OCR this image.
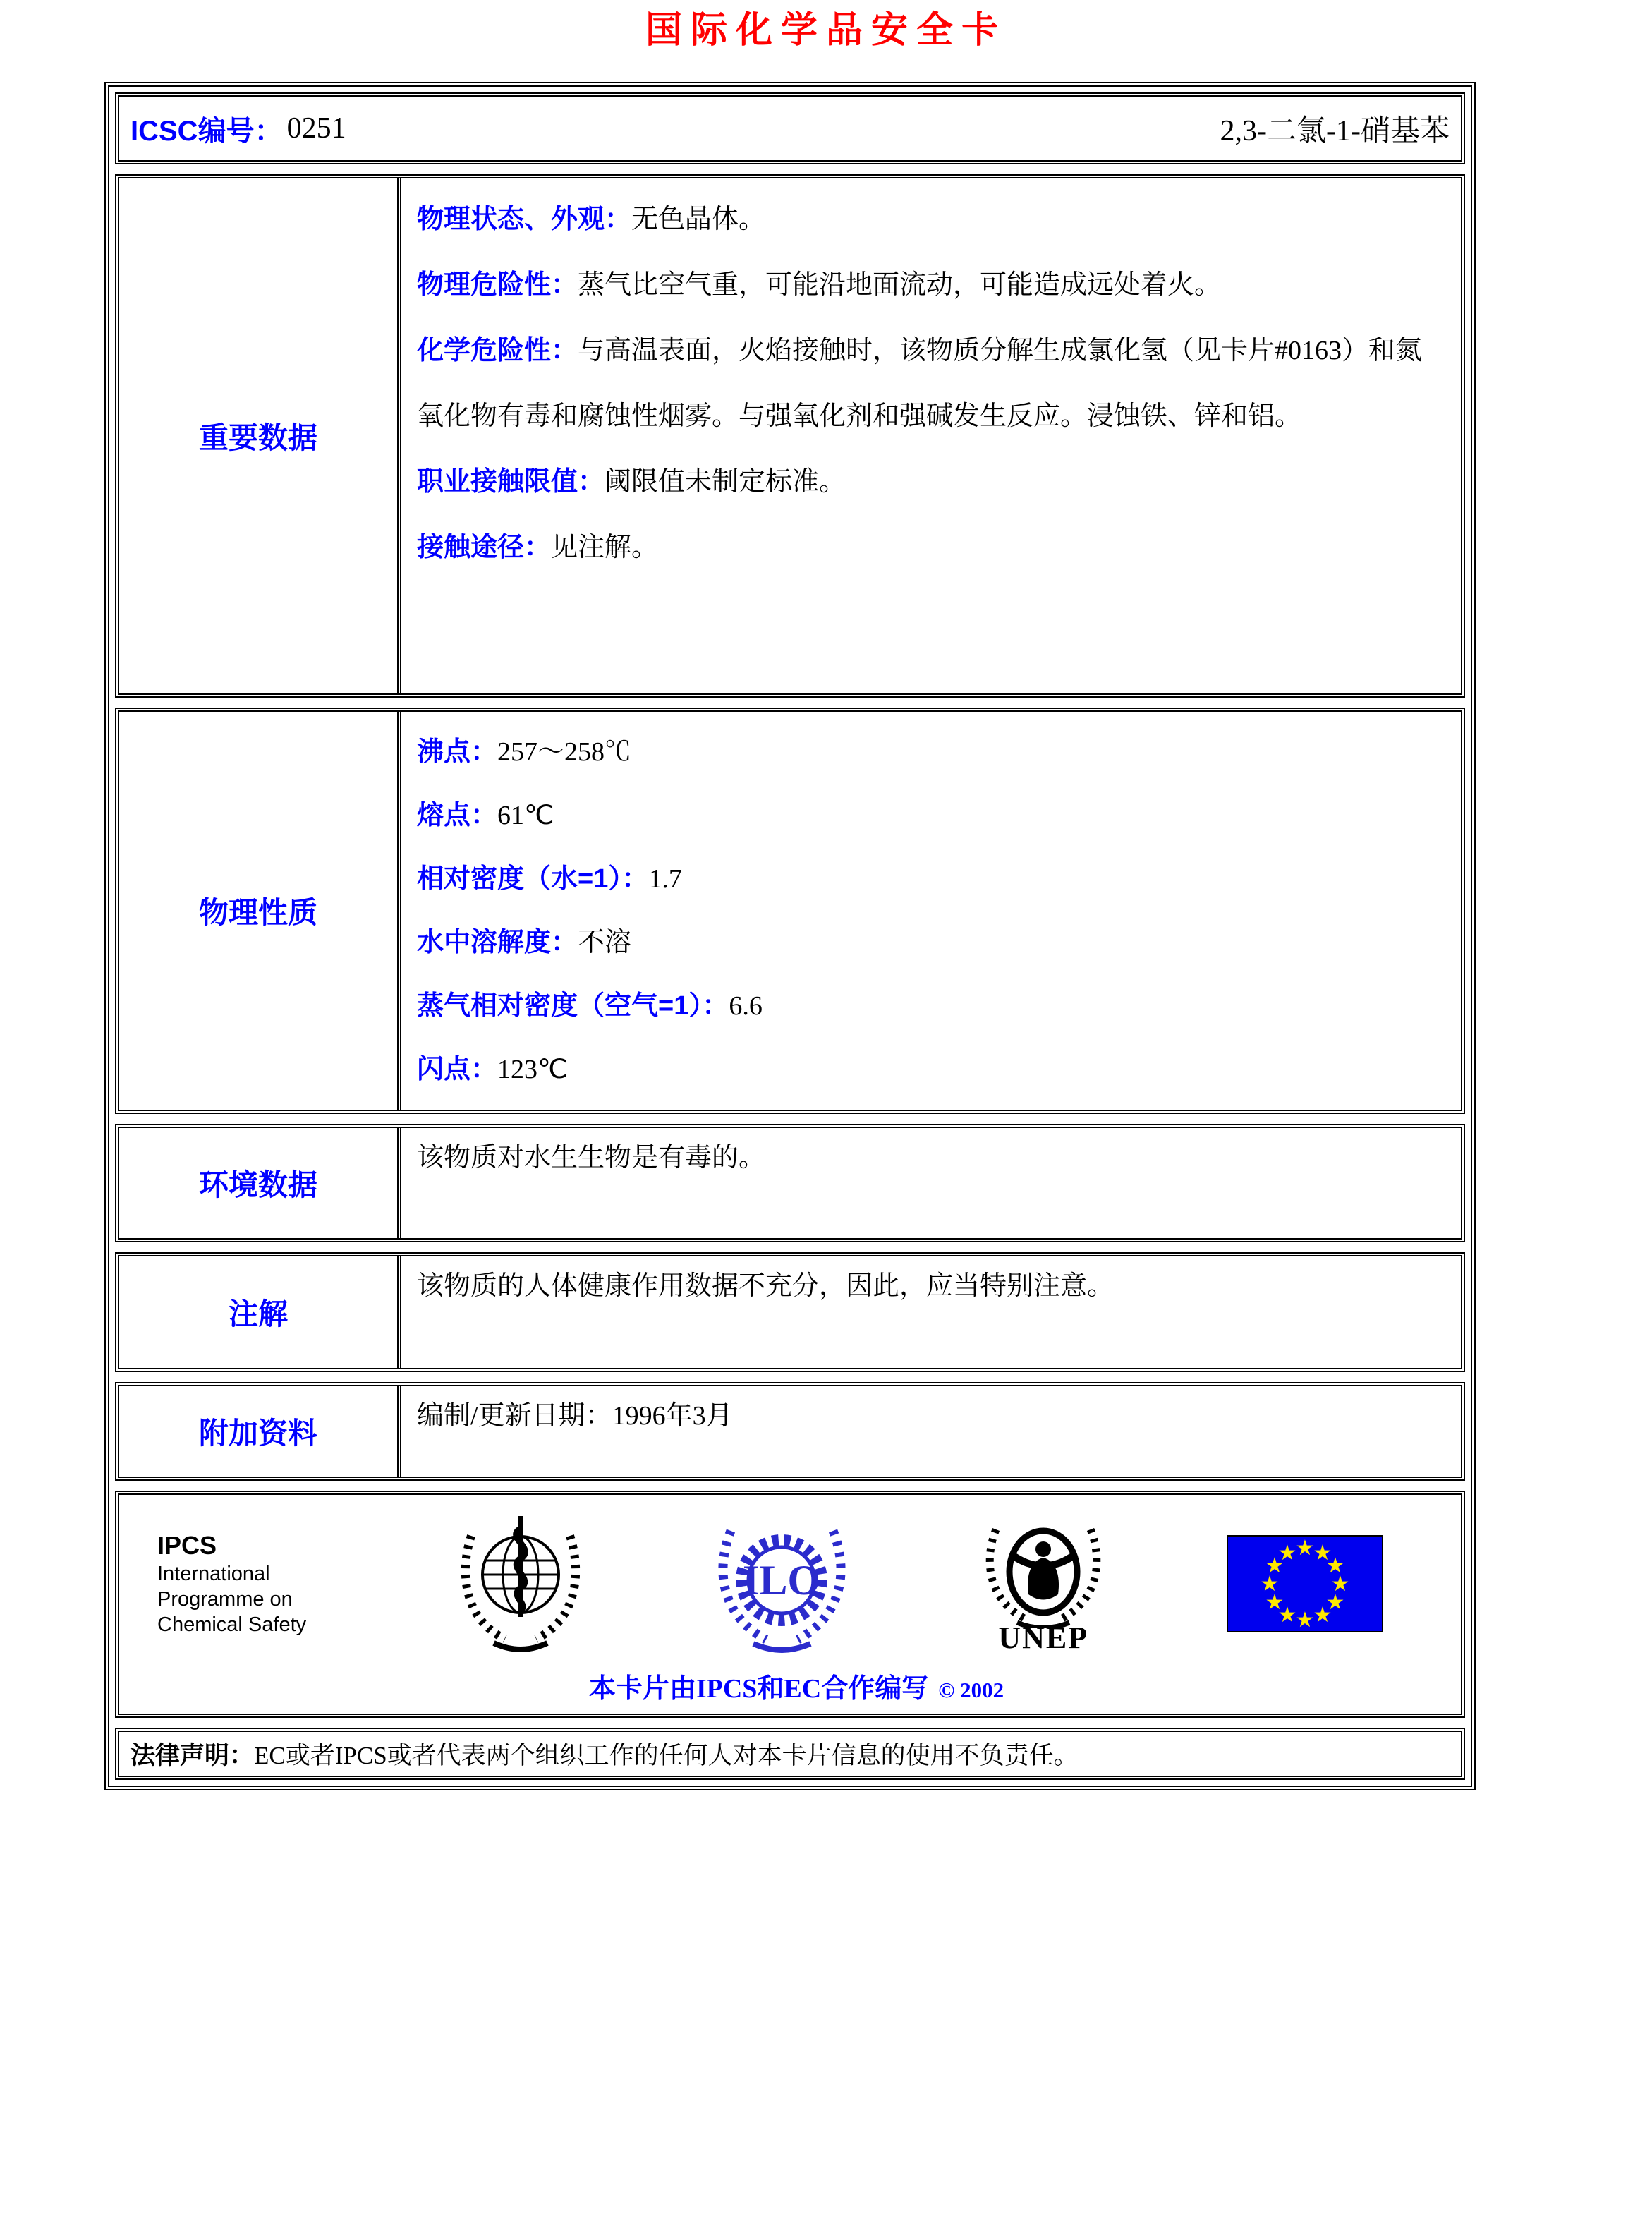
国际化学品安全卡
ICSC编号： 0251	2,3-二氯-1-硝基苯
重要数据
物理状态、外观：无色晶体。
物理危险性：蒸气比空气重，可能沿地面流动，可能造成远处着火。
化学危险性：与高温表面，火焰接触时，该物质分解生成氯化氢（见卡片#0163）和氮氧化物有毒和腐蚀性烟雾。与强氧化剂和强碱发生反应。浸蚀铁、锌和铝。
职业接触限值：阈限值未制定标准。
接触途径：见注解。
物理性质
沸点：257～258℃
熔点：61℃
相对密度（水=1）：1.7
水中溶解度：不溶
蒸气相对密度（空气=1）：6.6
闪点：123℃
环境数据
该物质对水生生物是有毒的。
注解
该物质的人体健康作用数据不充分，因此，应当特别注意。
附加资料
编制/更新日期：1996年3月
IPCS
International
Programme on
Chemical Safety
ILO
UNEP
★
★
★
★
★
★
★
★
★
★
★
★
本卡片由IPCS和EC合作编写 © 2002
法律声明： EC或者IPCS或者代表两个组织工作的任何人对本卡片信息的使用不负责任。
